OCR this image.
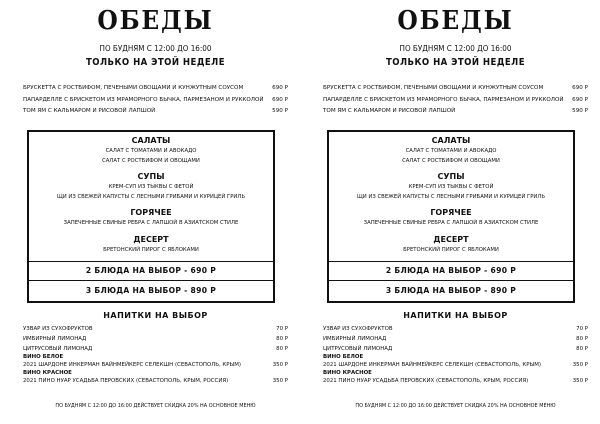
ОБЕДЫ
ПО БУДНЯМ С 12:00 ДО 16:00
ТОЛЬКО НА ЭТОЙ НЕДЕЛЕ
БРУСКЕТТА С РОСТБИФОМ, ПЕЧЕНЫМИ ОВОЩАМИ И КУНЖУТНЫМ СОУСОМ	690 Р
ПАПАРДЕЛЛЕ С БРИСКЕТОМ ИЗ МРАМОРНОГО БЫЧКА, ПАРМЕЗАНОМ И РУККОЛОЙ 690 Р
ТОМ ЯМ С КАЛЬМАРОМ И РИСОВОЙ ЛАПШОЙ	590 Р
САЛАТЫ
САЛАТ С ТОМАТАМИ И АВОКАДО
САЛАТ С РОСТБИФОМ И ОВОЩАМИ
СУПЫ
КРЕМ-СУП ИЗ ТЫКВЫ С ФЕТОЙ
ЩИ ИЗ СВЕЖЕЙ КАПУСТЫ С ЛЕСНЫМИ ГРИБАМИ И КУРИЦЕЙ ГРИЛЬ
ГОРЯЧЕЕ
ЗАПЕЧЕННЫЕ СВИНЫЕ РЕБРА С ЛАПШОЙ В АЗИАТСКОМ СТИЛЕ
ДЕСЕРТ
БРЕТОНСКИЙ ПИРОГ С ЯБЛОКАМИ
2 БЛЮДА НА ВЫБОР - 690 Р
3 БЛЮДА НА ВЫБОР - 890 Р
НАПИТКИ НА ВЫБОР
УЗВАР ИЗ СУХОФРУКТОВ	70 Р
ИМБИРНЫЙ ЛИМОНАД	80 Р
ЦИТРУСОВЫЙ ЛИМОНАД	80 Р
ВИНО БЕЛОЕ
2021 ШАРДОНЕ ИНКЕРМАН ВАЙНМЕЙКЕРС СЕЛЕКШН (СЕВАСТОПОЛЬ, КРЫМ)	350 Р
ВИНО КРАСНОЕ
2021 ПИНО НУАР УСАДЬБА ПЕРОВСКИХ (СЕВАСТОПОЛЬ, КРЫМ, РОССИЯ)	350 Р
ПО БУДНЯМ С 12:00 ДО 16:00 ДЕЙСТВУЕТ СКИДКА 20% НА ОСНОВНОЕ МЕНЮ
ОБЕДЫ
ПО БУДНЯМ С 12:00 ДО 16:00
ТОЛЬКО НА ЭТОЙ НЕДЕЛЕ
БРУСКЕТТА С РОСТБИФОМ, ПЕЧЕНЫМИ ОВОЩАМИ И КУНЖУТНЫМ СОУСОМ	690 Р
ПАПАРДЕЛЛЕ С БРИСКЕТОМ ИЗ МРАМОРНОГО БЫЧКА, ПАРМЕЗАНОМ И РУККОЛОЙ 690 Р
ТОМ ЯМ С КАЛЬМАРОМ И РИСОВОЙ ЛАПШОЙ	590 Р
САЛАТЫ
САЛАТ С ТОМАТАМИ И АВОКАДО
САЛАТ С РОСТБИФОМ И ОВОЩАМИ
СУПЫ
КРЕМ-СУП ИЗ ТЫКВЫ С ФЕТОЙ
ЩИ ИЗ СВЕЖЕЙ КАПУСТЫ С ЛЕСНЫМИ ГРИБАМИ И КУРИЦЕЙ ГРИЛЬ
ГОРЯЧЕЕ
ЗАПЕЧЕННЫЕ СВИНЫЕ РЕБРА С ЛАПШОЙ В АЗИАТСКОМ СТИЛЕ
ДЕСЕРТ
БРЕТОНСКИЙ ПИРОГ С ЯБЛОКАМИ
2 БЛЮДА НА ВЫБОР - 690 Р
3 БЛЮДА НА ВЫБОР - 890 Р
НАПИТКИ НА ВЫБОР
УЗВАР ИЗ СУХОФРУКТОВ	70 Р
ИМБИРНЫЙ ЛИМОНАД	80 Р
ЦИТРУСОВЫЙ ЛИМОНАД	80 Р
ВИНО БЕЛОЕ
2021 ШАРДОНЕ ИНКЕРМАН ВАЙНМЕЙКЕРС СЕЛЕКШН (СЕВАСТОПОЛЬ, КРЫМ)	350 Р
ВИНО КРАСНОЕ
2021 ПИНО НУАР УСАДЬБА ПЕРОВСКИХ (СЕВАСТОПОЛЬ, КРЫМ, РОССИЯ)	350 Р
ПО БУДНЯМ С 12:00 ДО 16:00 ДЕЙСТВУЕТ СКИДКА 20% НА ОСНОВНОЕ МЕНЮ
